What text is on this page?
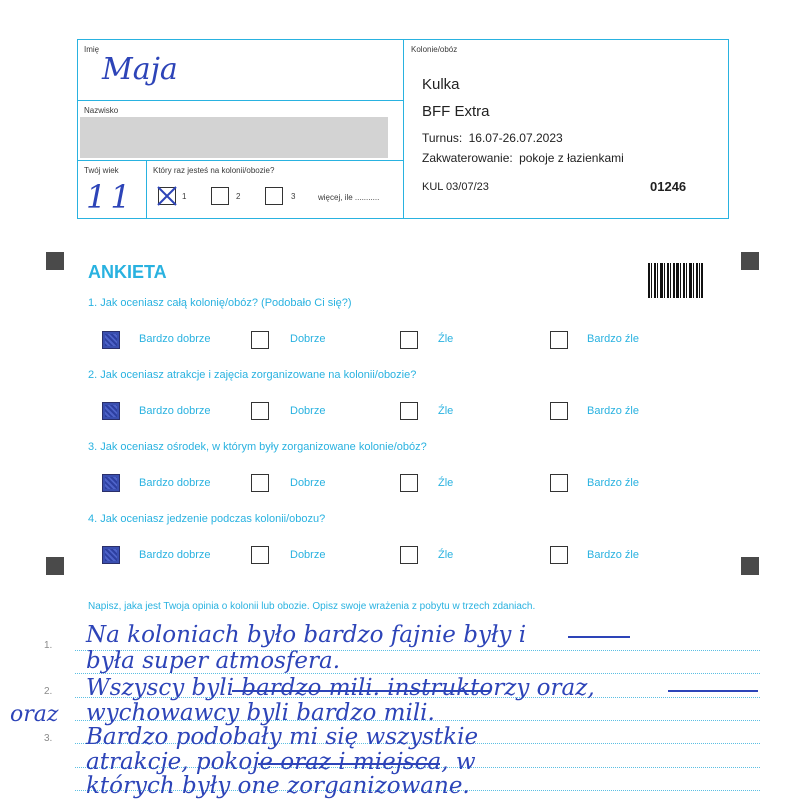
Imię
Maja
Nazwisko
Twój wiek
11
Który raz jesteś na kolonii/obozie?
1	2	3	więcej, ile ...........
Kolonie/obóz
Kulka
BFF Extra
Turnus: 16.07-26.07.2023
Zakwaterowanie: pokoje z łazienkami
KUL 03/07/23	01246
ANKIETA
1. Jak oceniasz całą kolonię/obóz? (Podobało Ci się?)
Bardzo dobrze	Dobrze	Źle	Bardzo źle
2. Jak oceniasz atrakcje i zajęcia zorganizowane na kolonii/obozie?
Bardzo dobrze	Dobrze	Źle	Bardzo źle
3. Jak oceniasz ośrodek, w którym były zorganizowane kolonie/obóz?
Bardzo dobrze	Dobrze	Źle	Bardzo źle
4. Jak oceniasz jedzenie podczas kolonii/obozu?
Bardzo dobrze	Dobrze	Źle	Bardzo źle
Napisz, jaka jest Twoja opinia o kolonii lub obozie. Opisz swoje wrażenia z pobytu w trzech zdaniach.
1.
2.
3.
Na koloniach było bardzo fajnie były i
była super atmosfera.
Wszyscy byli bardzo mili. instruktorzy oraz,
oraz wychowawcy byli bardzo mili.
Bardzo podobały mi się wszystkie
atrakcje, pokoje oraz i miejsca, w
których były one zorganizowane.
